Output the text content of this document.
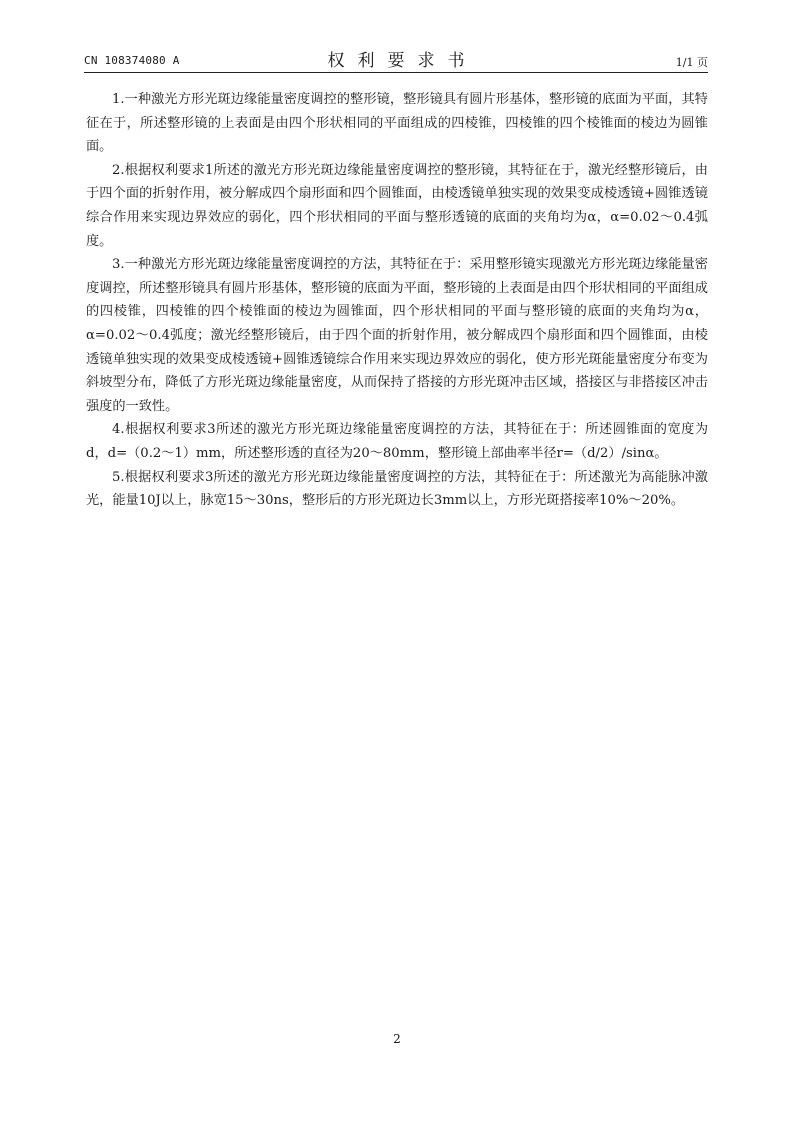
CN 108374080 A	权利要求书	1/1 页

1.一种激光方形光斑边缘能量密度调控的整形镜，整形镜具有圆片形基体，整形镜的底面为平面，其特征在于，所述整形镜的上表面是由四个形状相同的平面组成的四棱锥，四棱锥的四个棱锥面的棱边为圆锥面。

2.根据权利要求1所述的激光方形光斑边缘能量密度调控的整形镜，其特征在于，激光经整形镜后，由于四个面的折射作用，被分解成四个扇形面和四个圆锥面，由棱透镜单独实现的效果变成棱透镜+圆锥透镜综合作用来实现边界效应的弱化，四个形状相同的平面与整形透镜的底面的夹角均为α，α=0.02～0.4弧度。

3.一种激光方形光斑边缘能量密度调控的方法，其特征在于：采用整形镜实现激光方形光斑边缘能量密度调控，所述整形镜具有圆片形基体，整形镜的底面为平面，整形镜的上表面是由四个形状相同的平面组成的四棱锥，四棱锥的四个棱锥面的棱边为圆锥面，四个形状相同的平面与整形镜的底面的夹角均为α，α=0.02～0.4弧度；激光经整形镜后，由于四个面的折射作用，被分解成四个扇形面和四个圆锥面，由棱透镜单独实现的效果变成棱透镜+圆锥透镜综合作用来实现边界效应的弱化，使方形光斑能量密度分布变为斜坡型分布，降低了方形光斑边缘能量密度，从而保持了搭接的方形光斑冲击区域，搭接区与非搭接区冲击强度的一致性。

4.根据权利要求3所述的激光方形光斑边缘能量密度调控的方法，其特征在于：所述圆锥面的宽度为d，d=（0.2～1）mm，所述整形透的直径为20～80mm，整形镜上部曲率半径r=（d/2）/sinα。

5.根据权利要求3所述的激光方形光斑边缘能量密度调控的方法，其特征在于：所述激光为高能脉冲激光，能量10J以上，脉宽15～30ns，整形后的方形光斑边长3mm以上，方形光斑搭接率10%～20%。

2
